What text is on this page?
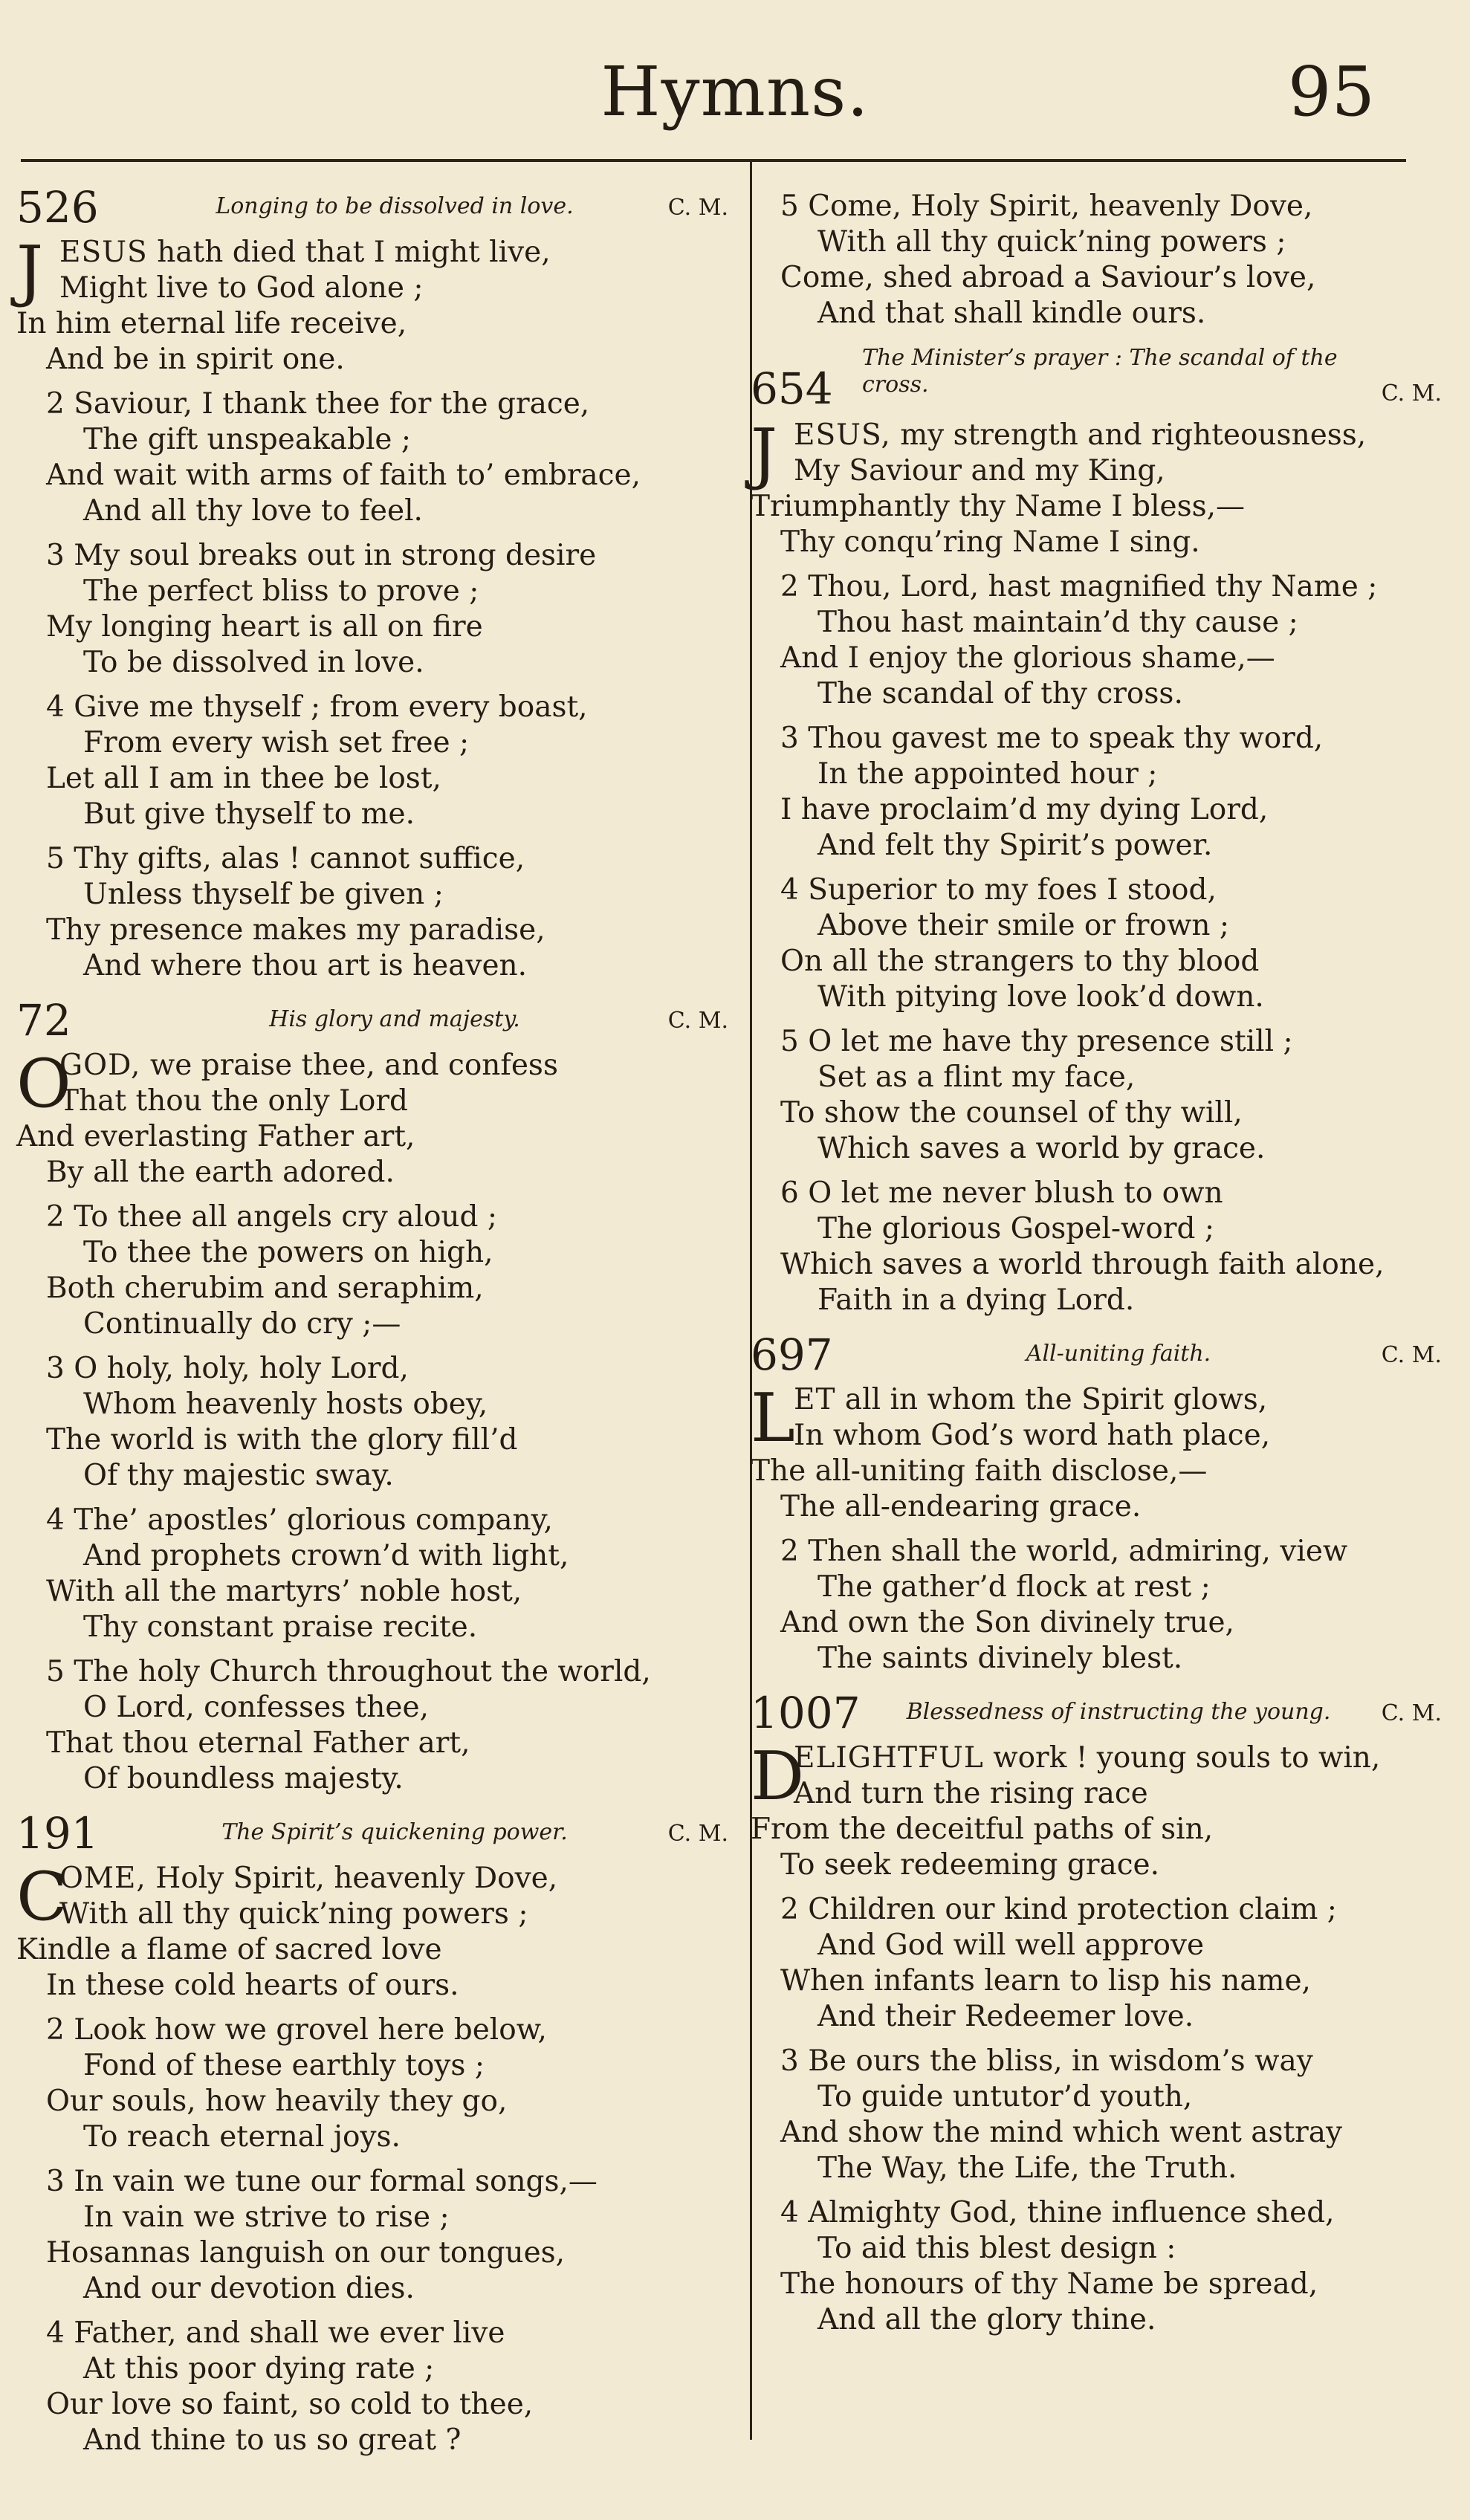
Hymns.	95
526	Longing to be dissolved in love.	C. M.
J ESUS hath died that I might live,
Might live to God alone ;
In him eternal life receive,
And be in spirit one.
2 Saviour, I thank thee for the grace,
The gift unspeakable ;
And wait with arms of faith to’ embrace,
And all thy love to feel.
3 My soul breaks out in strong desire
The perfect bliss to prove ;
My longing heart is all on fire
To be dissolved in love.
4 Give me thyself ; from every boast,
From every wish set free ;
Let all I am in thee be lost,
But give thyself to me.
5 Thy gifts, alas ! cannot suffice,
Unless thyself be given ;
Thy presence makes my paradise,
And where thou art is heaven.
72	His glory and majesty.	C. M.
O
GOD, we praise thee, and confess
That thou the only Lord
And everlasting Father art,
By all the earth adored.
2 To thee all angels cry aloud ;
To thee the powers on high,
Both cherubim and seraphim,
Continually do cry ;—
3 O holy, holy, holy Lord,
Whom heavenly hosts obey,
The world is with the glory fill’d
Of thy majestic sway.
4 The’ apostles’ glorious company,
And prophets crown’d with light,
With all the martyrs’ noble host,
Thy constant praise recite.
5 The holy Church throughout the world,
O Lord, confesses thee,
That thou eternal Father art,
Of boundless majesty.
191	The Spirit’s quickening power.	C. M.
C
OME, Holy Spirit, heavenly Dove,
With all thy quick’ning powers ;
Kindle a flame of sacred love
In these cold hearts of ours.
2 Look how we grovel here below,
Fond of these earthly toys ;
Our souls, how heavily they go,
To reach eternal joys.
3 In vain we tune our formal songs,—
In vain we strive to rise ;
Hosannas languish on our tongues,
And our devotion dies.
4 Father, and shall we ever live
At this poor dying rate ;
Our love so faint, so cold to thee,
And thine to us so great ?
5 Come, Holy Spirit, heavenly Dove,
With all thy quick’ning powers ;
Come, shed abroad a Saviour’s love,
And that shall kindle ours.
654
The Minister’s prayer : The scandal of the cross.	C. M.
J ESUS, my strength and righteousness,
My Saviour and my King,
Triumphantly thy Name I bless,—
Thy conqu’ring Name I sing.
2 Thou, Lord, hast magnified thy Name ;
Thou hast maintain’d thy cause ;
And I enjoy the glorious shame,—
The scandal of thy cross.
3 Thou gavest me to speak thy word,
In the appointed hour ;
I have proclaim’d my dying Lord,
And felt thy Spirit’s power.
4 Superior to my foes I stood,
Above their smile or frown ;
On all the strangers to thy blood
With pitying love look’d down.
5 O let me have thy presence still ;
Set as a flint my face,
To show the counsel of thy will,
Which saves a world by grace.
6 O let me never blush to own
The glorious Gospel-word ;
Which saves a world through faith alone,
Faith in a dying Lord.
697	All-uniting faith.	C. M.
L
ET all in whom the Spirit glows,
In whom God’s word hath place,
The all-uniting faith disclose,—
The all-endearing grace.
2 Then shall the world, admiring, view
The gather’d flock at rest ;
And own the Son divinely true,
The saints divinely blest.
1007	Blessedness of instructing the young.	C. M.
D
ELIGHTFUL work ! young souls to win,
And turn the rising race
From the deceitful paths of sin,
To seek redeeming grace.
2 Children our kind protection claim ;
And God will well approve
When infants learn to lisp his name,
And their Redeemer love.
3 Be ours the bliss, in wisdom’s way
To guide untutor’d youth,
And show the mind which went astray
The Way, the Life, the Truth.
4 Almighty God, thine influence shed,
To aid this blest design :
The honours of thy Name be spread,
And all the glory thine.
